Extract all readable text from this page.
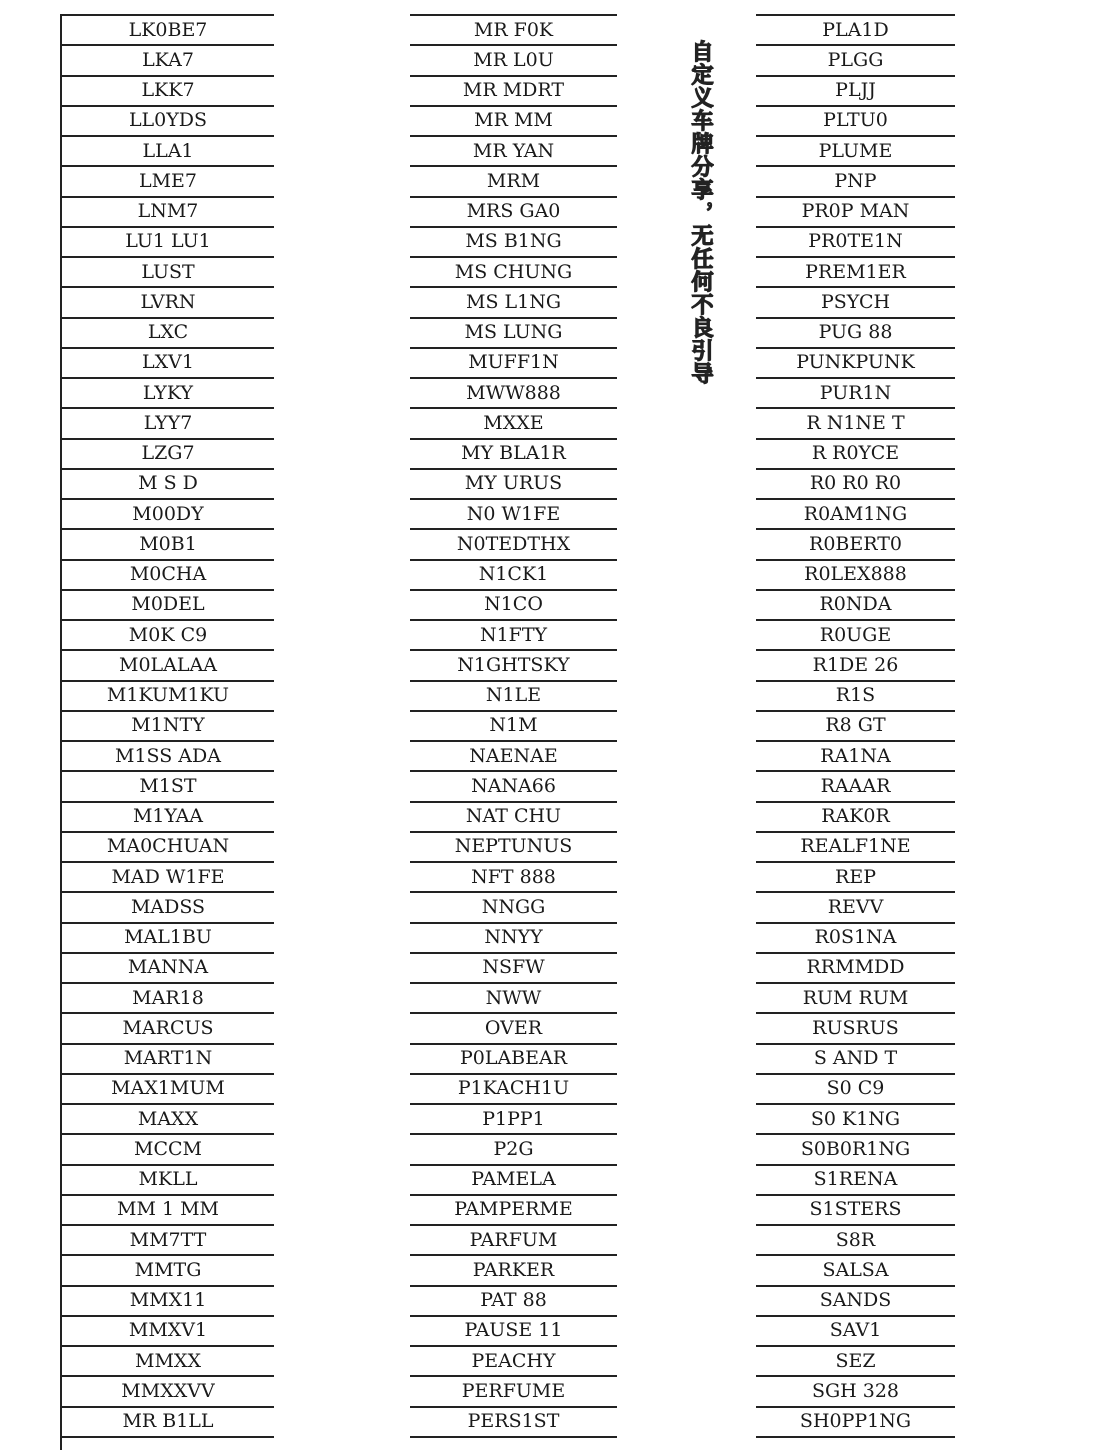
LK0BE7
LKA7
LKK7
LL0YDS
LLA1
LME7
LNM7
LU1 LU1
LUST
LVRN
LXC
LXV1
LYKY
LYY7
LZG7
M S D
M00DY
M0B1
M0CHA
M0DEL
M0K C9
M0LALAA
M1KUM1KU
M1NTY
M1SS ADA
M1ST
M1YAA
MA0CHUAN
MAD W1FE
MADSS
MAL1BU
MANNA
MAR18
MARCUS
MART1N
MAX1MUM
MAXX
MCCM
MKLL
MM 1 MM
MM7TT
MMTG
MMX11
MMXV1
MMXX
MMXXVV
MR B1LL
MR F0K
MR L0U
MR MDRT
MR MM
MR YAN
MRM
MRS GA0
MS B1NG
MS CHUNG
MS L1NG
MS LUNG
MUFF1N
MWW888
MXXE
MY BLA1R
MY URUS
N0 W1FE
N0TEDTHX
N1CK1
N1CO
N1FTY
N1GHTSKY
N1LE
N1M
NAENAE
NANA66
NAT CHU
NEPTUNUS
NFT 888
NNGG
NNYY
NSFW
NWW
OVER
P0LABEAR
P1KACH1U
P1PP1
P2G
PAMELA
PAMPERME
PARFUM
PARKER
PAT 88
PAUSE 11
PEACHY
PERFUME
PERS1ST
PLA1D
PLGG
PLJJ
PLTU0
PLUME
PNP
PR0P MAN
PR0TE1N
PREM1ER
PSYCH
PUG 88
PUNKPUNK
PUR1N
R N1NE T
R R0YCE
R0 R0 R0
R0AM1NG
R0BERT0
R0LEX888
R0NDA
R0UGE
R1DE 26
R1S
R8 GT
RA1NA
RAAAR
RAK0R
REALF1NE
REP
REVV
R0S1NA
RRMMDD
RUM RUM
RUSRUS
S AND T
S0 C9
S0 K1NG
S0B0R1NG
S1RENA
S1STERS
S8R
SALSA
SANDS
SAV1
SEZ
SGH 328
SH0PP1NG
自定义车牌分享，无任何不良引导
